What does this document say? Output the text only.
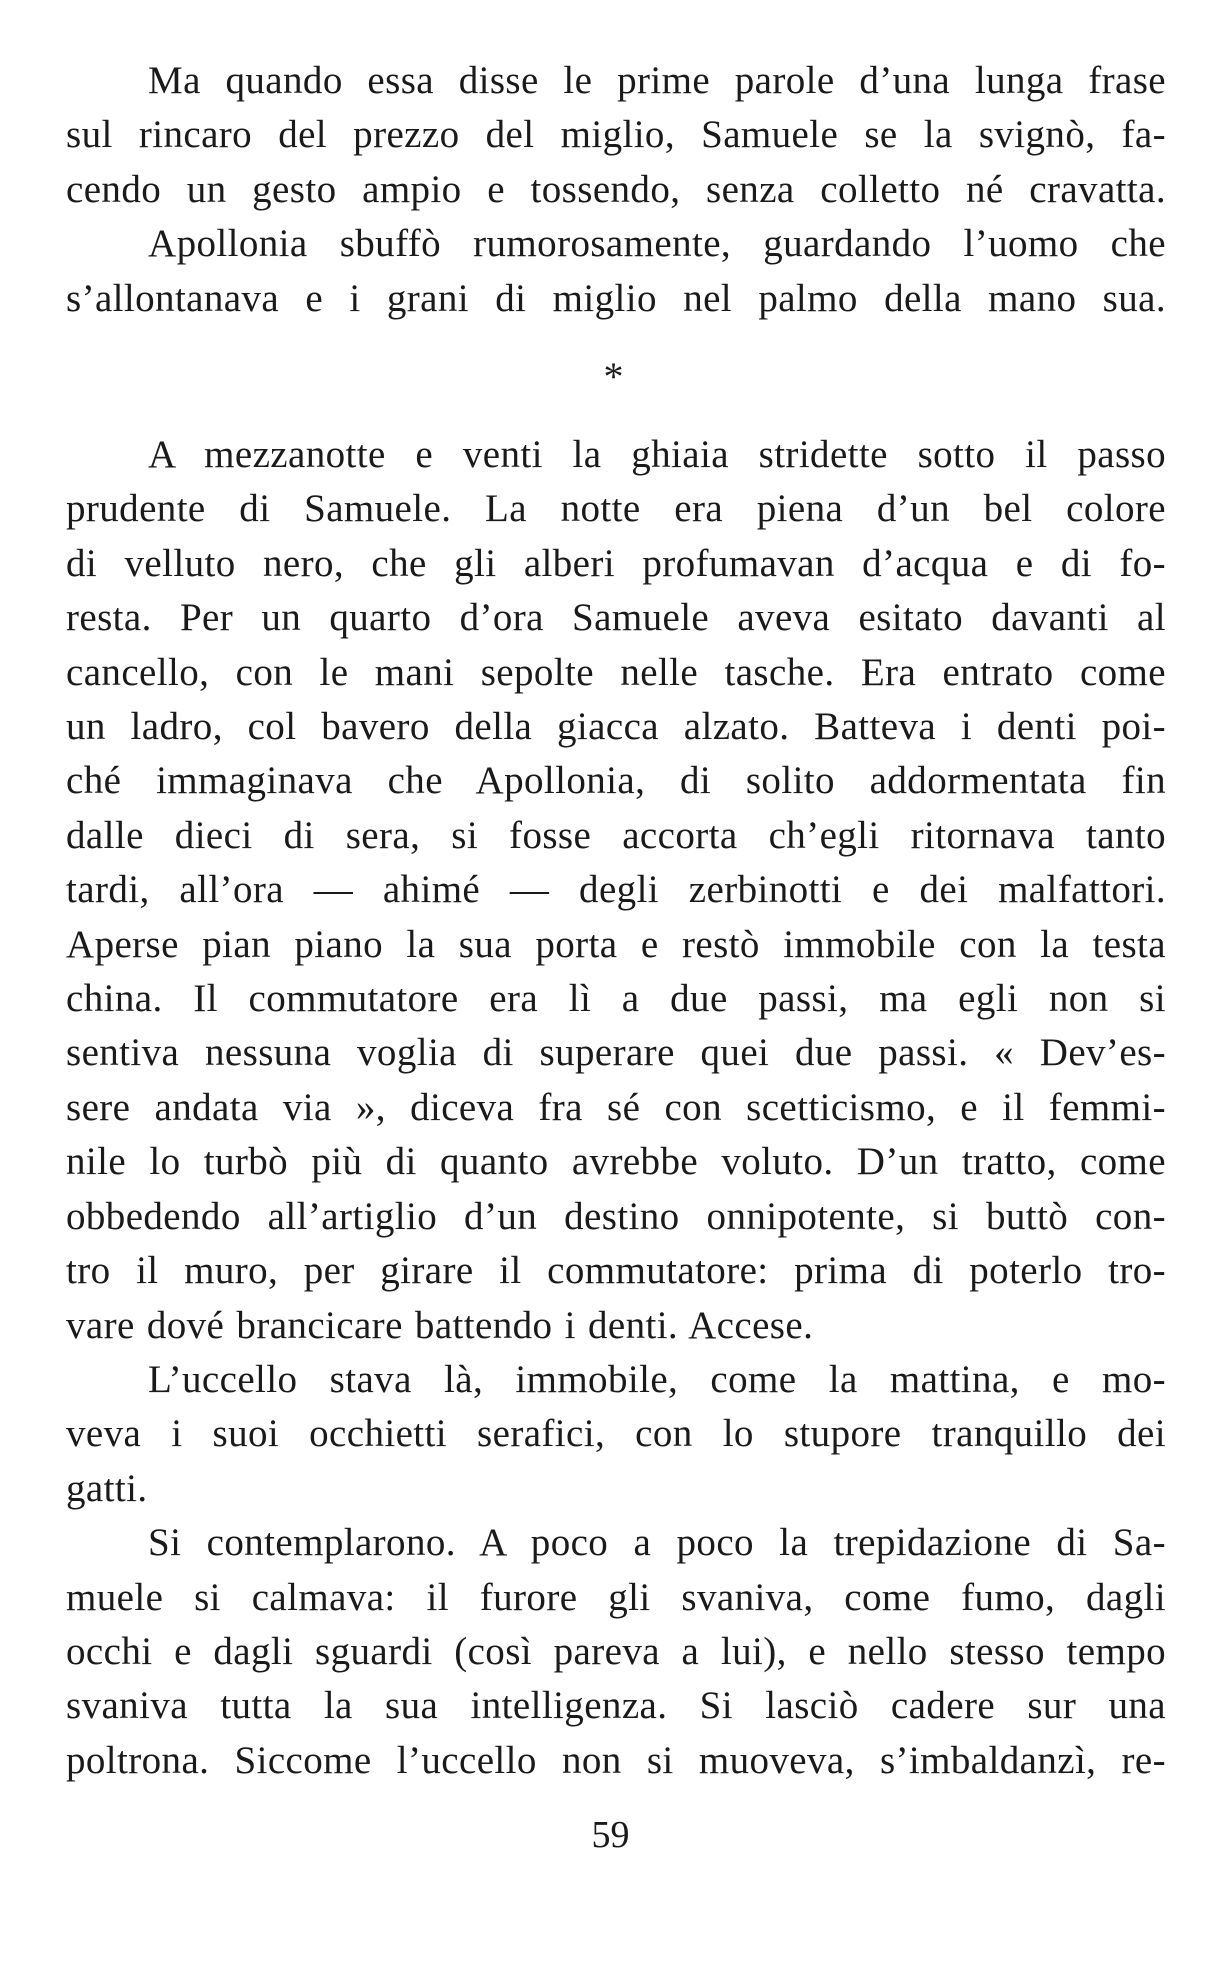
Ma quando essa disse le prime parole d’una lunga frase
sul rincaro del prezzo del miglio, Samuele se la svignò, fa-
cendo un gesto ampio e tossendo, senza colletto né cravatta.
Apollonia sbuffò rumorosamente, guardando l’uomo che
s’allontanava e i grani di miglio nel palmo della mano sua.
*
A mezzanotte e venti la ghiaia stridette sotto il passo
prudente di Samuele. La notte era piena d’un bel colore
di velluto nero, che gli alberi profumavan d’acqua e di fo-
resta. Per un quarto d’ora Samuele aveva esitato davanti al
cancello, con le mani sepolte nelle tasche. Era entrato come
un ladro, col bavero della giacca alzato. Batteva i denti poi-
ché immaginava che Apollonia, di solito addormentata fin
dalle dieci di sera, si fosse accorta ch’egli ritornava tanto
tardi, all’ora — ahimé — degli zerbinotti e dei malfattori.
Aperse pian piano la sua porta e restò immobile con la testa
china. Il commutatore era lì a due passi, ma egli non si
sentiva nessuna voglia di superare quei due passi. « Dev’es-
sere andata via », diceva fra sé con scetticismo, e il femmi-
nile lo turbò più di quanto avrebbe voluto. D’un tratto, come
obbedendo all’artiglio d’un destino onnipotente, si buttò con-
tro il muro, per girare il commutatore: prima di poterlo tro-
vare dové brancicare battendo i denti. Accese.
L’uccello stava là, immobile, come la mattina, e mo-
veva i suoi occhietti serafici, con lo stupore tranquillo dei
gatti.
Si contemplarono. A poco a poco la trepidazione di Sa-
muele si calmava: il furore gli svaniva, come fumo, dagli
occhi e dagli sguardi (così pareva a lui), e nello stesso tempo
svaniva tutta la sua intelligenza. Si lasciò cadere sur una
poltrona. Siccome l’uccello non si muoveva, s’imbaldanzì, re-
59
